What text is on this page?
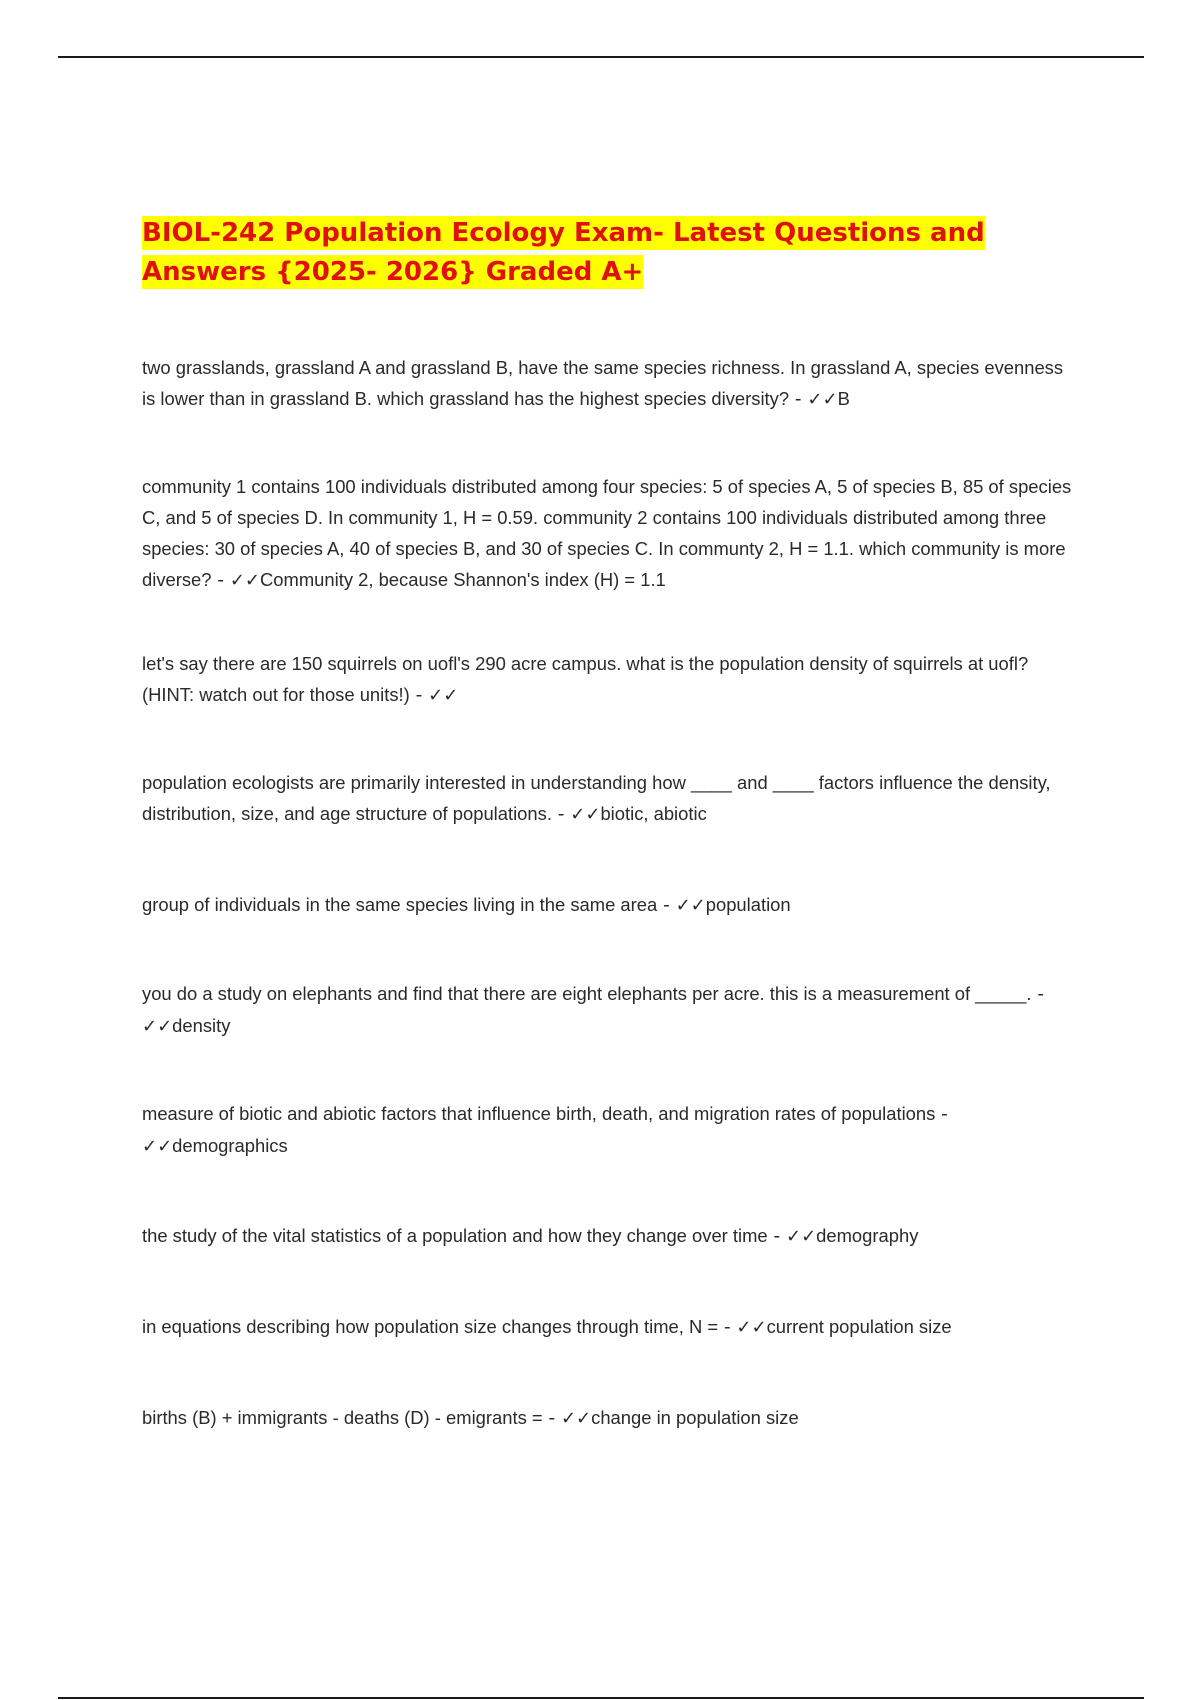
BIOL-242 Population Ecology Exam- Latest Questions and Answers {2025- 2026} Graded A+

two grasslands, grassland A and grassland B, have the same species richness. In grassland A, species evenness is lower than in grassland B. which grassland has the highest species diversity? - ✓✓B

community 1 contains 100 individuals distributed among four species: 5 of species A, 5 of species B, 85 of species C, and 5 of species D. In community 1, H = 0.59. community 2 contains 100 individuals distributed among three species: 30 of species A, 40 of species B, and 30 of species C. In communty 2, H = 1.1. which community is more diverse? - ✓✓Community 2, because Shannon's index (H) = 1.1

let's say there are 150 squirrels on uofl's 290 acre campus. what is the population density of squirrels at uofl? (HINT: watch out for those units!) - ✓✓

population ecologists are primarily interested in understanding how ____ and ____ factors influence the density, distribution, size, and age structure of populations. - ✓✓biotic, abiotic

group of individuals in the same species living in the same area - ✓✓population

you do a study on elephants and find that there are eight elephants per acre. this is a measurement of _____. - ✓✓density

measure of biotic and abiotic factors that influence birth, death, and migration rates of populations - ✓✓demographics

the study of the vital statistics of a population and how they change over time - ✓✓demography

in equations describing how population size changes through time, N = - ✓✓current population size

births (B) + immigrants - deaths (D) - emigrants = - ✓✓change in population size
